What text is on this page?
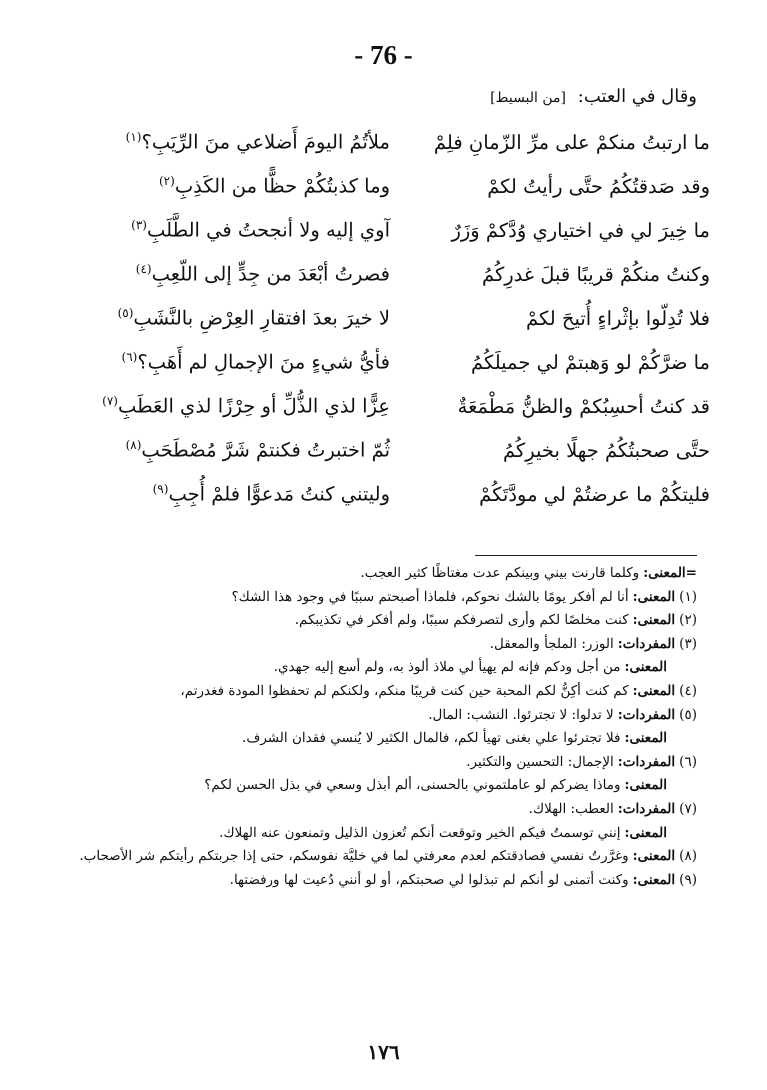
- 76 -
وقال في العتب: [من البسيط]
ما ارتبتُ منكمْ على مرِّ الزّمانِ فلِمْ
ملأتُمُ اليومَ أَضلاعي منَ الرِّيَبِ؟$^{(١)}$
وقد صَدقتُكُمُ حتَّى رأيتُ لكمْ
وما كذبتُكُمْ حظًّا من الكَذِبِ$^{(٢)}$
ما خِيرَ لي في اختياري وُدَّكمْ وَزَرٌ
آوي إليه ولا أنجحتُ في الطَّلَبِ$^{(٣)}$
وكنتُ منكُمْ قريبًا قبلَ غدرِكُمُ
فصرتُ أبْعَدَ من جِدٍّ إلى اللّعِبِ$^{(٤)}$
فلا تُدِلّوا بإثْراءٍ أُتيحَ لكمْ
لا خيرَ بعدَ افتقارِ العِرْضِ بالنَّشَبِ$^{(٥)}$
ما ضرَّكُمْ لو وَهبتمْ لي جميلَكُمُ
فأيُّ شيءٍ منَ الإجمالِ لم أَهَبِ؟$^{(٦)}$
قد كنتُ أحسِبُكمْ والظنُّ مَطْمَعَةٌ
عِزًّا لذي الذُّلِّ أو حِرْزًا لذي العَطَبِ$^{(٧)}$
حتَّى صحبتُكُمُ جهلًا بخيرِكُمُ
ثُمّ اختبرتُ فكنتمْ شَرَّ مُصْطَحَبِ$^{(٨)}$
فليتكُمْ ما عرضتُمْ لي مودَّتَكُمْ
وليتني كنتُ مَدعوًّا فلمْ أُجِبِ$^{(٩)}$
=المعنى:وكلما قارنت بيني وبينكم عدت مغتاظًا كثير العجب.
(١)المعنى:أنا لم أفكر يومًا بالشك نحوكم، فلماذا أصبحتم سببًا في وجود هذا الشك؟
(٢)المعنى:كنت مخلصًا لكم وأرى لتصرفكم سببًا، ولم أفكر في تكذيبكم.
(٣)المفردات:الوزر: الملجأ والمعقل.
المعنى:من أجل ودكم فإنه لم يهيأ لي ملاذ ألوذ به، ولم أسع إليه جهدي.
(٤)المعنى:كم كنت أكِنُّ لكم المحبة حين كنت قريبًا منكم، ولكنكم لم تحفظوا المودة فغدرتم،
(٥)المفردات:لا تدلوا: لا تجترئوا. النشب: المال.
المعنى:فلا تجترئوا علي بغنى تهيأ لكم، فالمال الكثير لا يُنسي فقدان الشرف.
(٦)المفردات:الإجمال: التحسين والتكثير.
المعنى:وماذا يضركم لو عاملتموني بالحسنى، ألم أبذل وسعي في بذل الحسن لكم؟
(٧)المفردات:العطب: الهلاك.
المعنى:إنني توسمتُ فيكم الخير وتوقعت أنكم تُعزون الذليل وتمنعون عنه الهلاك.
(٨)المعنى:وغرَّرتُ نفسي فصادقتكم لعدم معرفتي لما في خليَّة نفوسكم، حتى إذا جربتكم رأيتكم شر الأصحاب.
(٩)المعنى:وكنت أتمنى لو أنكم لم تبذلوا لي صحبتكم، أو لو أنني دُعيت لها ورفضتها.
١٧٦
